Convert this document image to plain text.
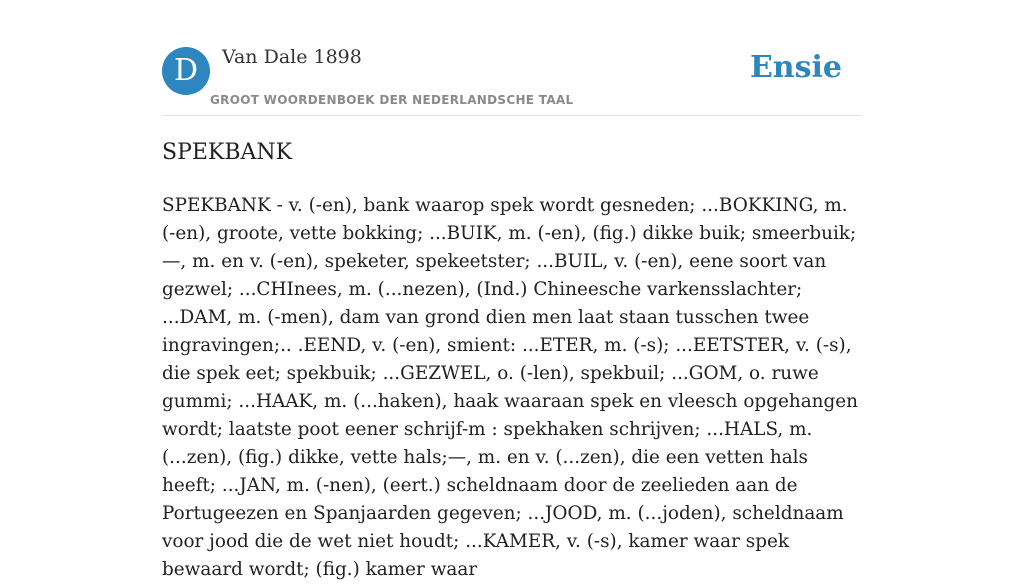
D	Van Dale 1898
GROOT WOORDENBOEK DER NEDERLANDSCHE TAAL
Ensie
SPEKBANK

SPEKBANK - v. (-en), bank waarop spek wordt gesneden; ...BOKKING, m. (-en), groote, vette bokking; ...BUIK, m. (-en), (fig.) dikke buik; smeerbuik; —, m. en v. (-en), speketer, spekeetster; ...BUIL, v. (-en), eene soort van gezwel; ...CHInees, m. (...nezen), (Ind.) Chineesche varkensslachter; ...DAM, m. (-men), dam van grond dien men laat staan tusschen twee ingravingen;.. .EEND, v. (-en), smient: ...ETER, m. (-s); ...EETSTER, v. (-s), die spek eet; spekbuik; ...GEZWEL, o. (-len), spekbuil; ...GOM, o. ruwe gummi; ...HAAK, m. (...haken), haak waaraan spek en vleesch opgehangen wordt; laatste poot eener schrijf-m : spekhaken schrijven; ...HALS, m. (...zen), (fig.) dikke, vette hals;—, m. en v. (...zen), die een vetten hals heeft; ...JAN, m. (-nen), (eert.) scheldnaam door de zeelieden aan de Portugeezen en Spanjaarden gegeven; ...JOOD, m. (...joden), scheldnaam voor jood die de wet niet houdt; ...KAMER, v. (-s), kamer waar spek bewaard wordt; (fig.) kamer waar
